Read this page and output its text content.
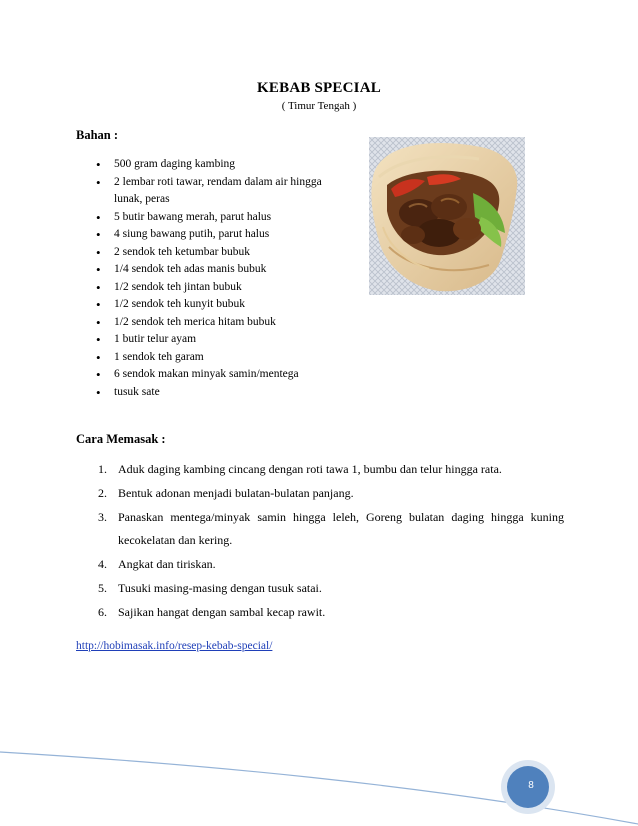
KEBAB SPECIAL
( Timur Tengah )
Bahan :
• 500 gram daging kambing
• 2 lembar roti tawar, rendam dalam air hingga lunak, peras
• 5 butir bawang merah, parut halus
• 4 siung bawang putih, parut halus
• 2 sendok teh ketumbar bubuk
• 1/4 sendok teh adas manis bubuk
• 1/2 sendok teh jintan bubuk
• 1/2 sendok teh kunyit bubuk
• 1/2 sendok teh merica hitam bubuk
• 1 butir telur ayam
• 1 sendok teh garam
• 6 sendok makan minyak samin/mentega
• tusuk sate
Cara Memasak :
1. Aduk daging kambing cincang dengan roti tawa 1, bumbu dan telur hingga rata.
2. Bentuk adonan menjadi bulatan-bulatan panjang.
3. Panaskan mentega/minyak samin hingga leleh, Goreng bulatan daging hingga kuning kecokelatan dan kering.
4. Angkat dan tiriskan.
5. Tusuki masing-masing dengan tusuk satai.
6. Sajikan hangat dengan sambal kecap rawit.
http://hobimasak.info/resep-kebab-special/
8
